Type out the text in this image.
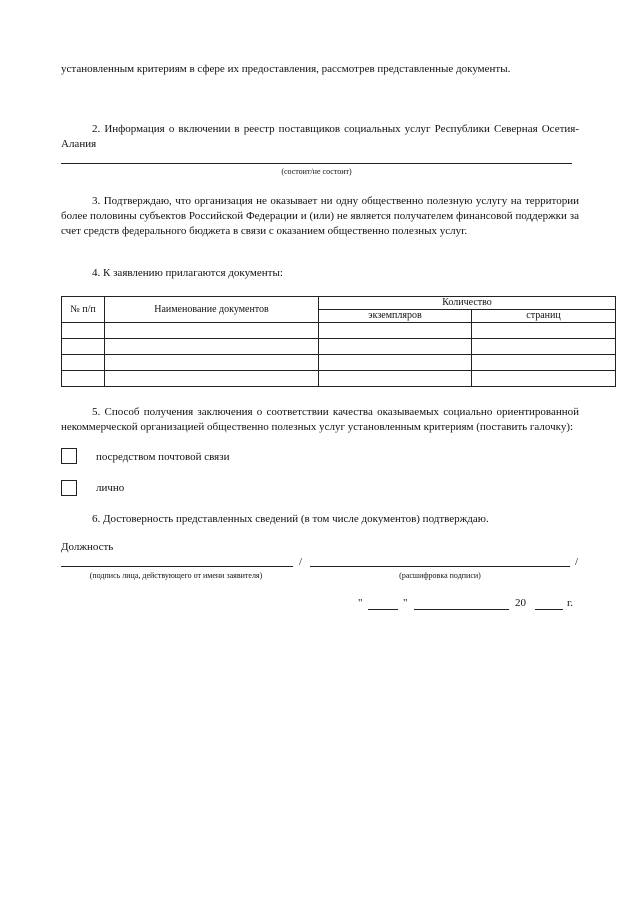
установленным критериям в сфере их предоставления, рассмотрев представленные документы.

2. Информация о включении в реестр поставщиков социальных услуг Республики Северная Осетия-Алания

(состоит/не состоит)

3. Подтверждаю, что организация не оказывает ни одну общественно полезную услугу на территории более половины субъектов Российской Федерации и (или) не является получателем финансовой поддержки за счет средств федерального бюджета в связи с оказанием общественно полезных услуг.

4. К заявлению прилагаются документы:

№ п/п	Наименование документов	Количество	
		экземпляров	страниц

5. Способ получения заключения о соответствии качества оказываемых социально ориентированной некоммерческой организацией общественно полезных услуг установленным критериям (поставить галочку):

посредством почтовой связи
лично

6. Достоверность представленных сведений (в том числе документов) подтверждаю.

Должность
/	/
(подпись лица, действующего от имени заявителя)	(расшифровка подписи)
"	"	20	г.
